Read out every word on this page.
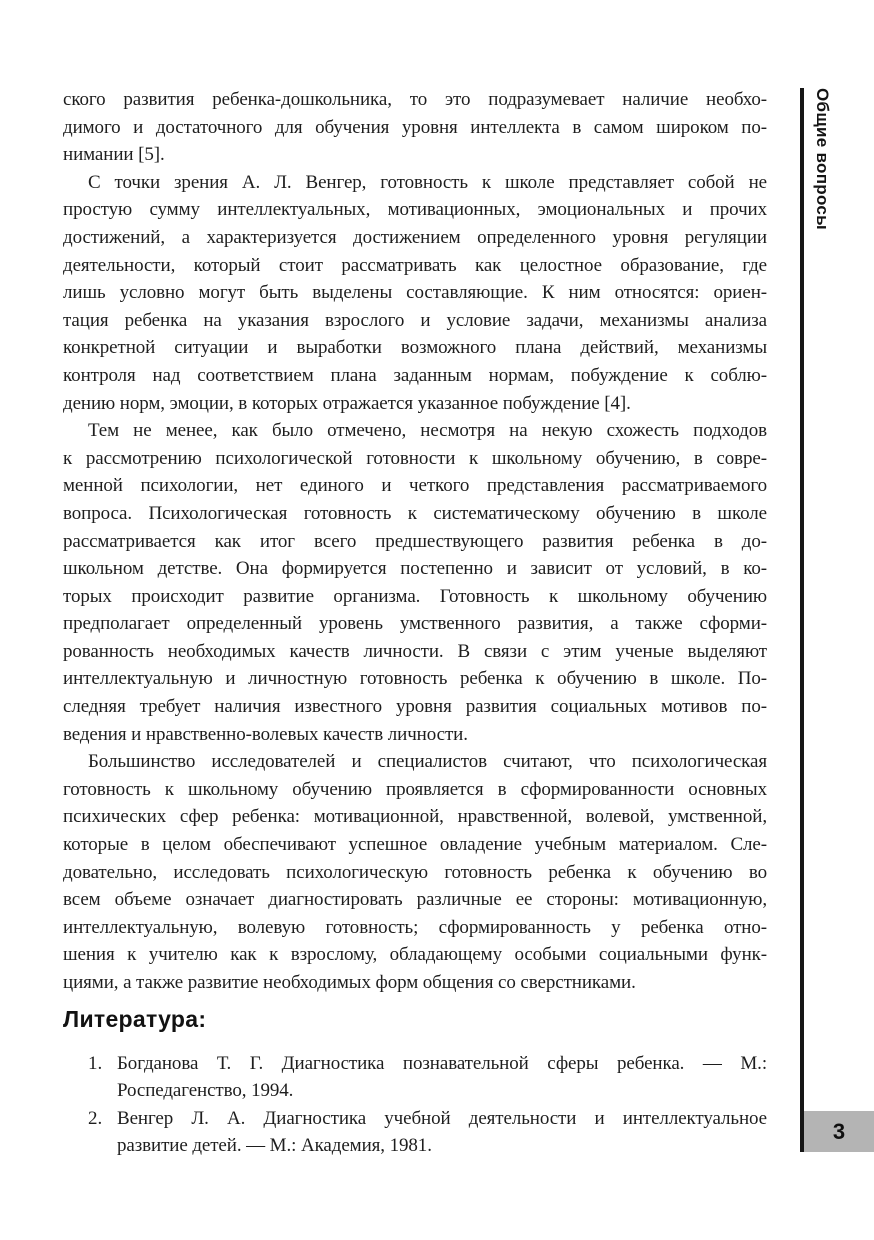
ского развития ребенка-дошкольника, то это подразумевает наличие необхо-
димого и достаточного для обучения уровня интеллекта в самом широком по-
нимании [5].
С точки зрения А. Л. Венгер, готовность к школе представляет собой не
простую сумму интеллектуальных, мотивационных, эмоциональных и прочих
достижений, а характеризуется достижением определенного уровня регуляции
деятельности, который стоит рассматривать как целостное образование, где
лишь условно могут быть выделены составляющие. К ним относятся: ориен-
тация ребенка на указания взрослого и условие задачи, механизмы анализа
конкретной ситуации и выработки возможного плана действий, механизмы
контроля над соответствием плана заданным нормам, побуждение к соблю-
дению норм, эмоции, в которых отражается указанное побуждение [4].
Тем не менее, как было отмечено, несмотря на некую схожесть подходов
к рассмотрению психологической готовности к школьному обучению, в совре-
менной психологии, нет единого и четкого представления рассматриваемого
вопроса. Психологическая готовность к систематическому обучению в школе
рассматривается как итог всего предшествующего развития ребенка в до-
школьном детстве. Она формируется постепенно и зависит от условий, в ко-
торых происходит развитие организма. Готовность к школьному обучению
предполагает определенный уровень умственного развития, а также сформи-
рованность необходимых качеств личности. В связи с этим ученые выделяют
интеллектуальную и личностную готовность ребенка к обучению в школе. По-
следняя требует наличия известного уровня развития социальных мотивов по-
ведения и нравственно-волевых качеств личности.
Большинство исследователей и специалистов считают, что психологическая
готовность к школьному обучению проявляется в сформированности основных
психических сфер ребенка: мотивационной, нравственной, волевой, умственной,
которые в целом обеспечивают успешное овладение учебным материалом. Сле-
довательно, исследовать психологическую готовность ребенка к обучению во
всем объеме означает диагностировать различные ее стороны: мотивационную,
интеллектуальную, волевую готовность; сформированность у ребенка отно-
шения к учителю как к взрослому, обладающему особыми социальными функ-
циями, а также развитие необходимых форм общения со сверстниками.
Литература:
1. Богданова Т. Г. Диагностика познавательной сферы ребенка. — М.:
Роспедагенство, 1994.
2. Венгер Л. А. Диагностика учебной деятельности и интеллектуальное
развитие детей. — М.: Академия, 1981.
Общие вопросы
3
